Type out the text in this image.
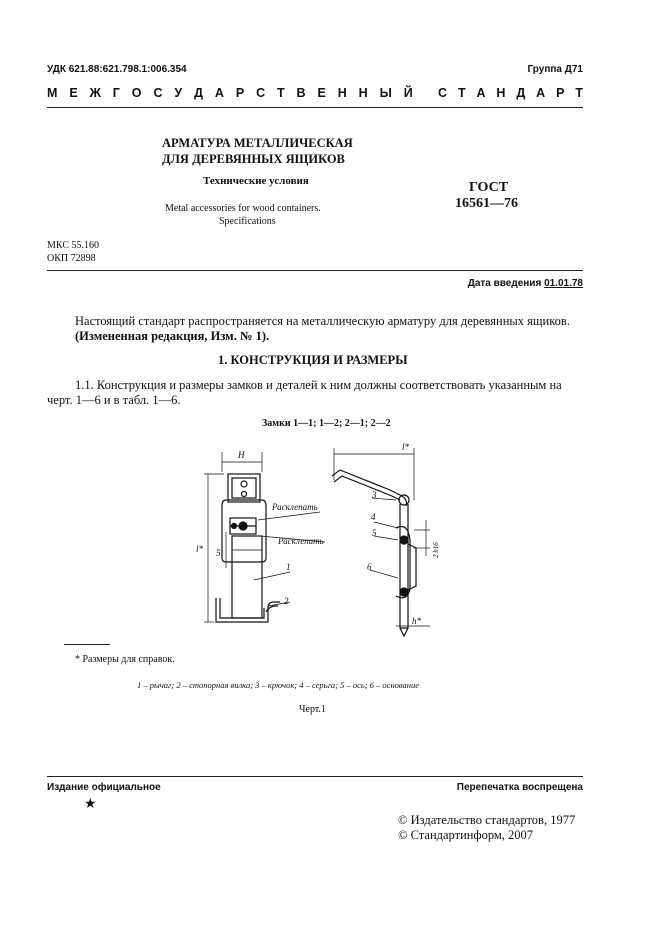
УДК 621.88:621.798.1:006.354	Группа Д71
М Е Ж Г О С У Д А Р С Т В Е Н Н Ы Й С Т А Н Д А Р Т
АРМАТУРА МЕТАЛЛИЧЕСКАЯ
ДЛЯ ДЕРЕВЯННЫХ ЯЩИКОВ
Технические условия
Metal accessories for wood containers.
Specifications
ГОСТ
16561—76
МКС 55.160
ОКП 72898
Дата введения 01.01.78
Настоящий стандарт распространяется на металлическую арматуру для деревянных ящиков.
(Измененная редакция, Изм. № 1).
1. КОНСТРУКЦИЯ И РАЗМЕРЫ
1.1. Конструкция и размеры замков и деталей к ним должны соответствовать указанным на
черт. 1—6 и в табл. 1—6.
Замки 1—1; 1—2; 2—1; 2—2
H
l* 5
Расклепать
Расклепать
1
2
l*
3
4
5
6
h*
2 h16
* Размеры для справок.
1 – рычаг; 2 – стопорная вилка; 3 – крючок; 4 – серьга; 5 – ось; 6 – основание
Черт.1
Издание официальное	Перепечатка воспрещена
★
© Издательство стандартов, 1977
© Стандартинформ, 2007
